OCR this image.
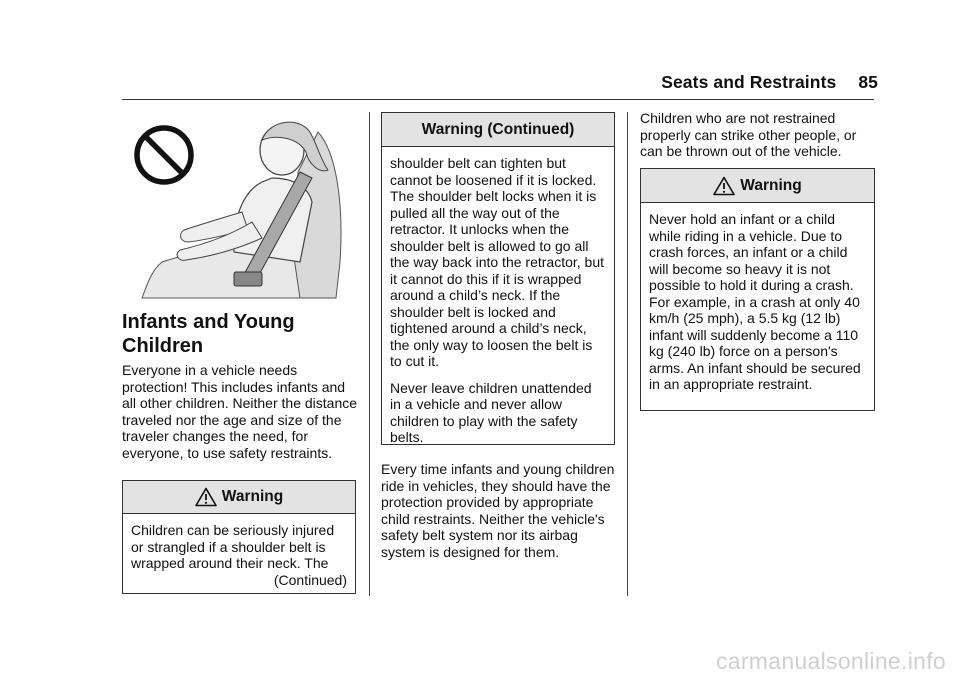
Seats and Restraints 85
Infants and Young Children

Everyone in a vehicle needs protection! This includes infants and all other children. Neither the distance traveled nor the age and size of the traveler changes the need, for everyone, to use safety restraints.

Warning

Children can be seriously injured or strangled if a shoulder belt is wrapped around their neck. The

(Continued)

Warning (Continued)

shoulder belt can tighten but cannot be loosened if it is locked. The shoulder belt locks when it is pulled all the way out of the retractor. It unlocks when the shoulder belt is allowed to go all the way back into the retractor, but it cannot do this if it is wrapped around a child’s neck. If the shoulder belt is locked and tightened around a child’s neck, the only way to loosen the belt is to cut it.

Never leave children unattended in a vehicle and never allow children to play with the safety belts.

Every time infants and young children ride in vehicles, they should have the protection provided by appropriate child restraints. Neither the vehicle's safety belt system nor its airbag system is designed for them.

Children who are not restrained properly can strike other people, or can be thrown out of the vehicle.

Warning

Never hold an infant or a child while riding in a vehicle. Due to crash forces, an infant or a child will become so heavy it is not possible to hold it during a crash. For example, in a crash at only 40 km/h (25 mph), a 5.5 kg (12 lb) infant will suddenly become a 110 kg (240 lb) force on a person's arms. An infant should be secured in an appropriate restraint.

carmanualsonline.info
